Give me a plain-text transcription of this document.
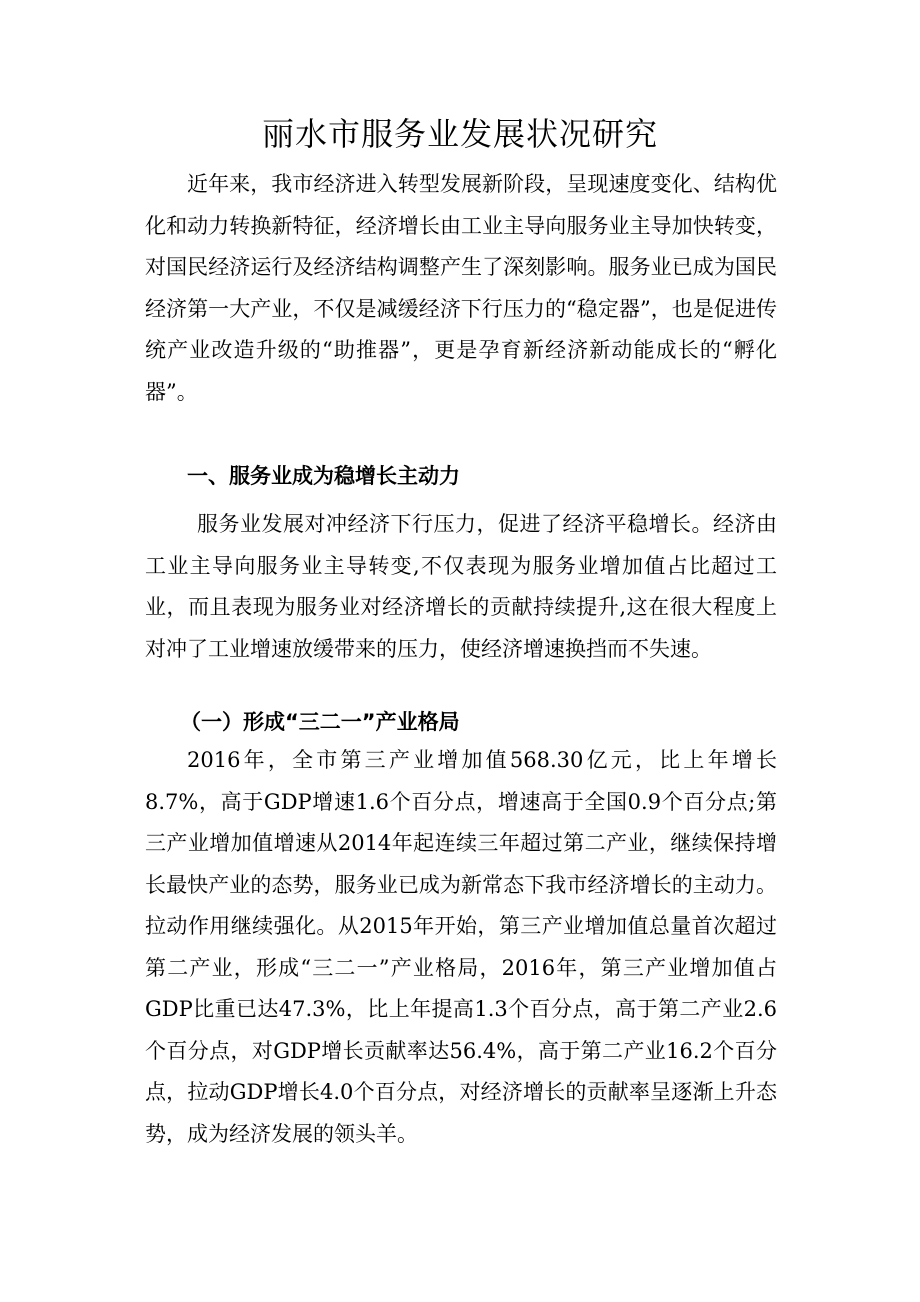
丽水市服务业发展状况研究

近年来，我市经济进入转型发展新阶段，呈现速度变化、结构优化和动力转换新特征，经济增长由工业主导向服务业主导加快转变，对国民经济运行及经济结构调整产生了深刻影响。服务业已成为国民经济第一大产业，不仅是减缓经济下行压力的“稳定器”，也是促进传统产业改造升级的“助推器”，更是孕育新经济新动能成长的“孵化器”。

一、服务业成为稳增长主动力

服务业发展对冲经济下行压力，促进了经济平稳增长。经济由工业主导向服务业主导转变,不仅表现为服务业增加值占比超过工业，而且表现为服务业对经济增长的贡献持续提升,这在很大程度上对冲了工业增速放缓带来的压力，使经济增速换挡而不失速。

（一）形成“三二一”产业格局

2016年，全市第三产业增加值568.30亿元，比上年增长8.7%，高于GDP增速1.6个百分点，增速高于全国0.9个百分点;第三产业增加值增速从2014年起连续三年超过第二产业，继续保持增长最快产业的态势，服务业已成为新常态下我市经济增长的主动力。拉动作用继续强化。从2015年开始，第三产业增加值总量首次超过第二产业，形成“三二一”产业格局，2016年，第三产业增加值占GDP比重已达47.3%，比上年提高1.3个百分点，高于第二产业2.6个百分点，对GDP增长贡献率达56.4%，高于第二产业16.2个百分点，拉动GDP增长4.0个百分点，对经济增长的贡献率呈逐渐上升态势，成为经济发展的领头羊。
